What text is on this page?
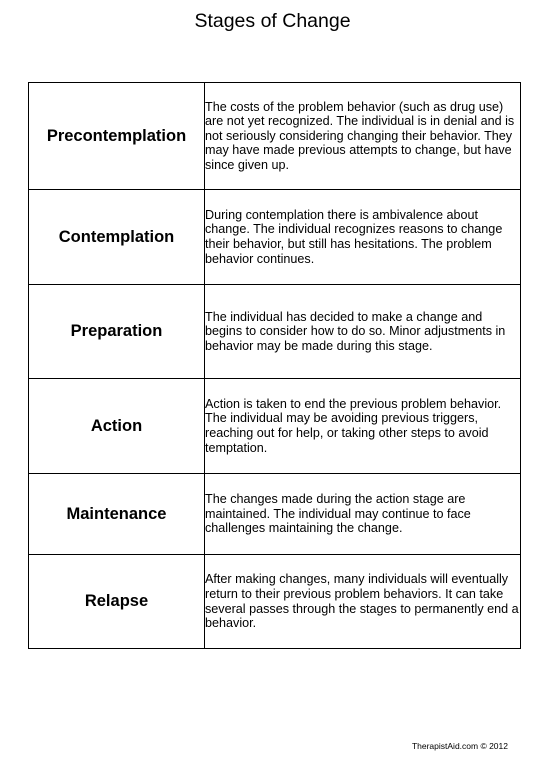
Stages of Change
Precontemplation	The costs of the problem behavior (such as drug use) are not yet recognized. The individual is in denial and is not seriously considering changing their behavior. They may have made previous attempts to change, but have since given up.
Contemplation	During contemplation there is ambivalence about change. The individual recognizes reasons to change their behavior, but still has hesitations. The problem behavior continues.
Preparation	The individual has decided to make a change and begins to consider how to do so. Minor adjustments in behavior may be made during this stage.
Action	Action is taken to end the previous problem behavior. The individual may be avoiding previous triggers, reaching out for help, or taking other steps to avoid temptation.
Maintenance	The changes made during the action stage are maintained. The individual may continue to face challenges maintaining the change.
Relapse	After making changes, many individuals will eventually return to their previous problem behaviors. It can take several passes through the stages to permanently end a behavior.
TherapistAid.com © 2012
